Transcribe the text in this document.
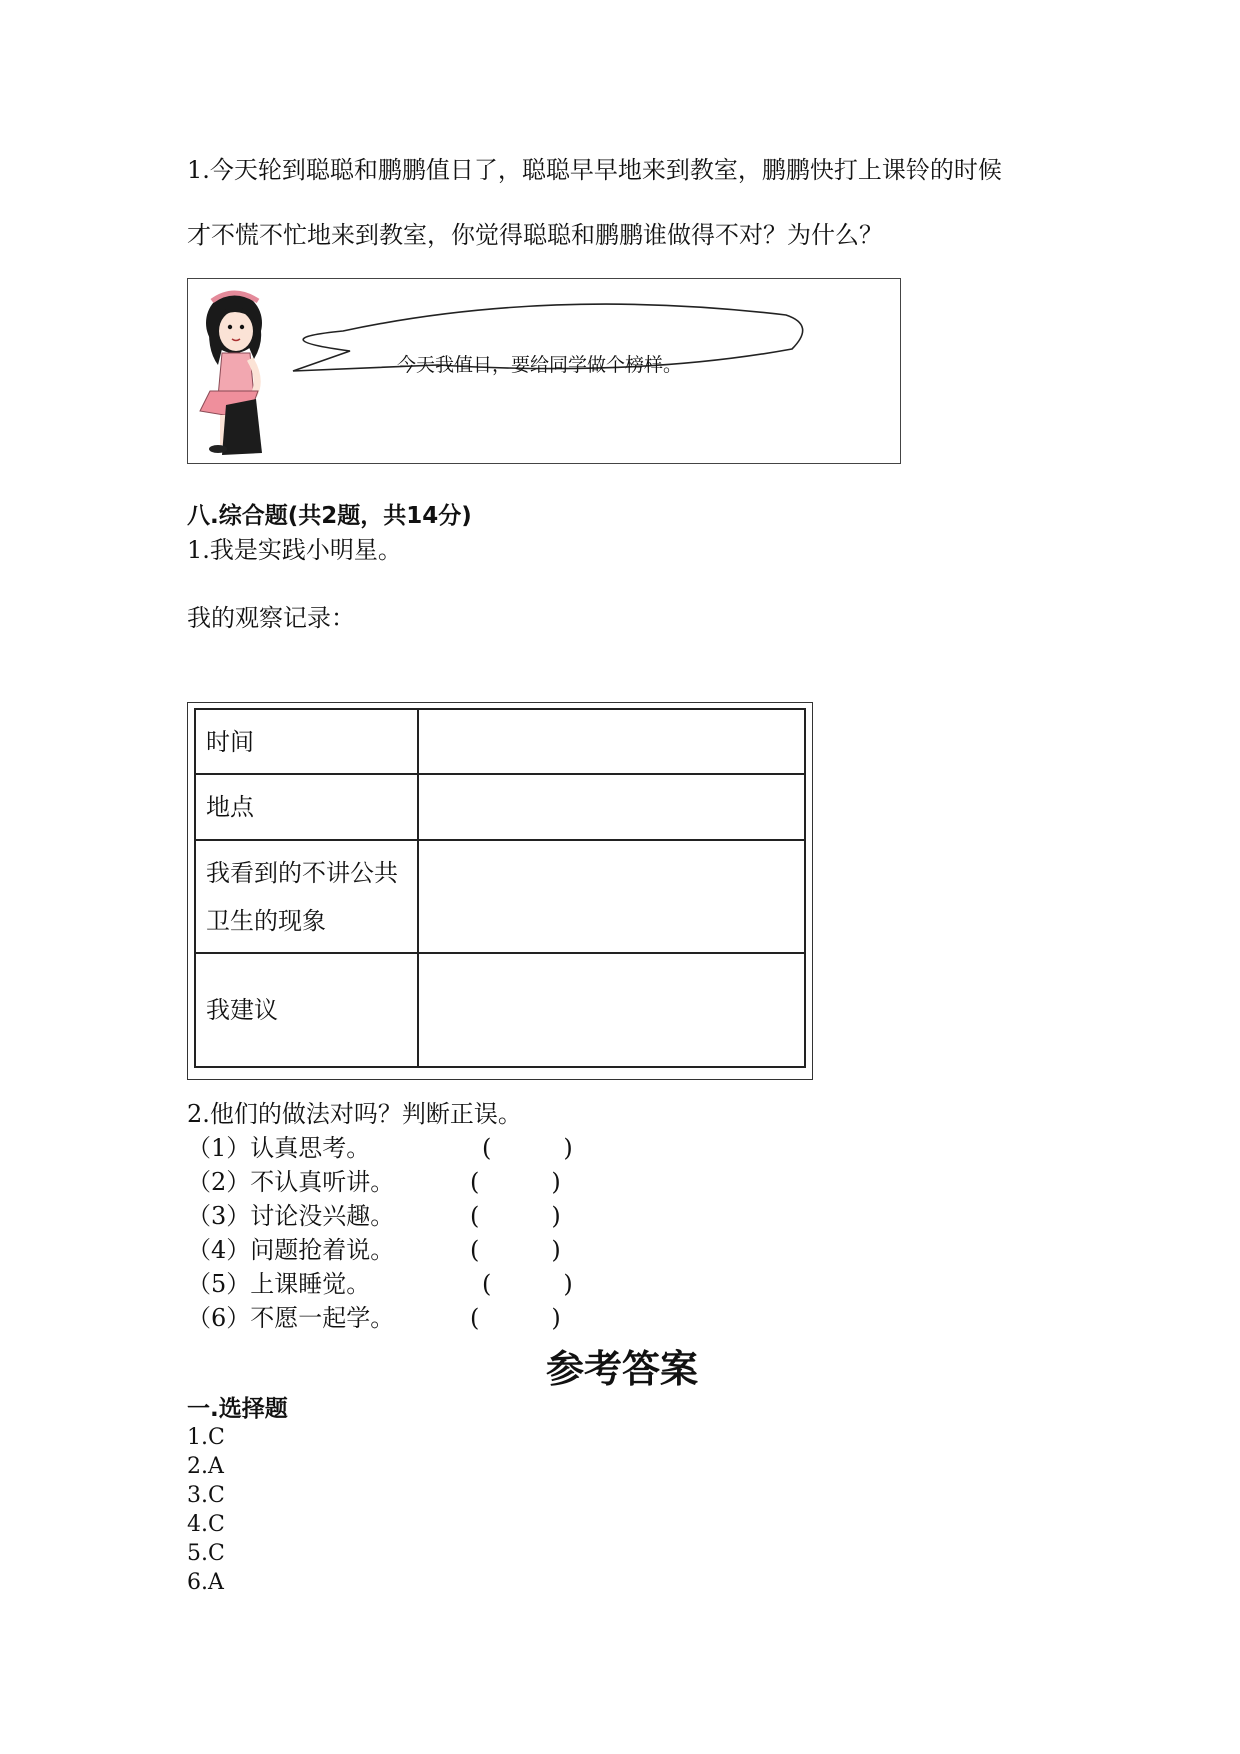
1.今天轮到聪聪和鹏鹏值日了，聪聪早早地来到教室，鹏鹏快打上课铃的时候
才不慌不忙地来到教室，你觉得聪聪和鹏鹏谁做得不对？为什么？
今天我值日，要给同学做个榜样。
八.综合题(共2题，共14分)
1.我是实践小明星。
我的观察记录：
时间	
地点	

我看到的不讲公共
卫生的现象	

我建议	
2.他们的做法对吗？判断正误。
（1）认真思考。	(　　　)
（2）不认真听讲。	(　　　)
（3）讨论没兴趣。	(　　　)
（4）问题抢着说。	(　　　)
（5）上课睡觉。	(　　　)
（6）不愿一起学。	(　　　)
参考答案
一.选择题
1.C
2.A
3.C
4.C
5.C
6.A
